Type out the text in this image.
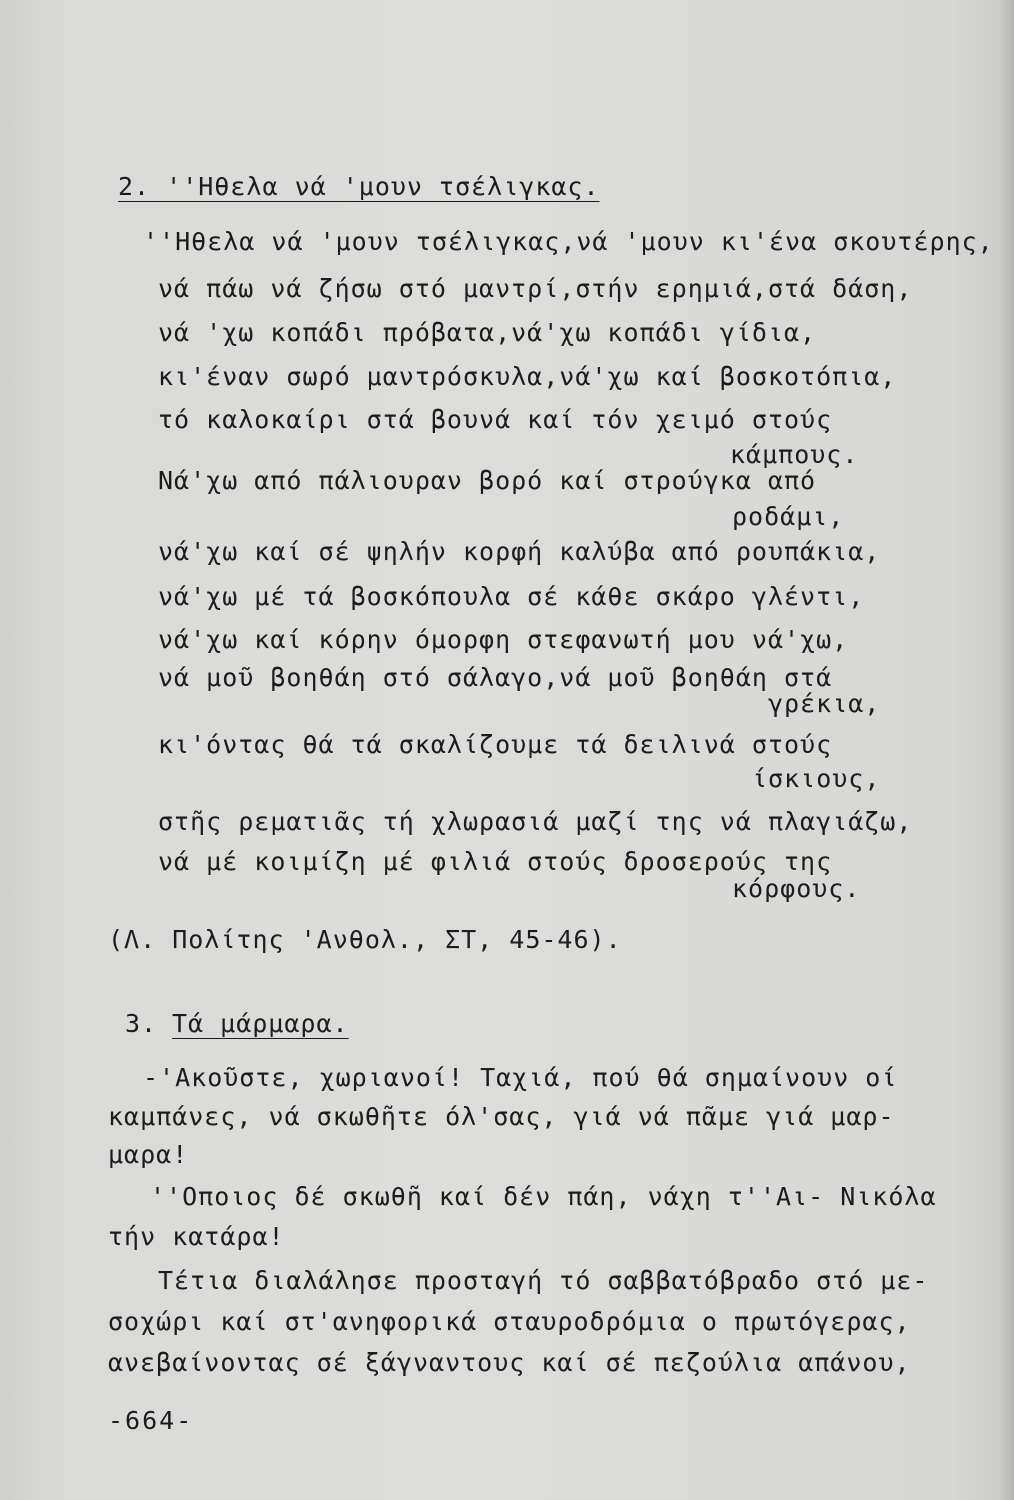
2. ''Ηθελα νά 'μουν τσέλιγκας.
''Ηθελα νά 'μουν τσέλιγκας,νά 'μουν κι'ένα σκουτέρης,
νά πάω νά ζήσω στό μαντρί,στήν ερημιά,στά δάση,
νά 'χω κοπάδι πρόβατα,νά'χω κοπάδι γίδια,
κι'έναν σωρό μαντρόσκυλα,νά'χω καί βοσκοτόπια,
τό καλοκαίρι στά βουνά καί τόν χειμό στούς
κάμπους.
Νά'χω από πάλιουραν βορό καί στρούγκα από
ροδάμι,
νά'χω καί σέ ψηλήν κορφή καλύβα από ρουπάκια,
νά'χω μέ τά βοσκόπουλα σέ κάθε σκάρο γλέντι,
νά'χω καί κόρην όμορφη στεφανωτή μου νά'χω,
νά μοῦ βοηθάη στό σάλαγο,νά μοῦ βοηθάη στά
γρέκια,
κι'όντας θά τά σκαλίζουμε τά δειλινά στούς
ίσκιους,
στῆς ρεματιᾶς τή χλωρασιά μαζί της νά πλαγιάζω,
νά μέ κοιμίζη μέ φιλιά στούς δροσερούς της
κόρφους.
(Λ. Πολίτης 'Ανθολ., ΣΤ, 45-46).
3. Τά μάρμαρα.
-'Ακοῦστε, χωριανοί! Ταχιά, πού θά σημαίνουν οί
καμπάνες, νά σκωθῆτε όλ'σας, γιά νά πᾶμε γιά μαρ-
μαρα!
''Οποιος δέ σκωθῆ καί δέν πάη, νάχη τ''Αι- Νικόλα
τήν κατάρα!
Τέτια διαλάλησε προσταγή τό σαββατόβραδο στό με-
σοχώρι καί στ'ανηφορικά σταυροδρόμια ο πρωτόγερας,
ανεβαίνοντας σέ ξάγναντους καί σέ πεζούλια απάνου,
-664-
